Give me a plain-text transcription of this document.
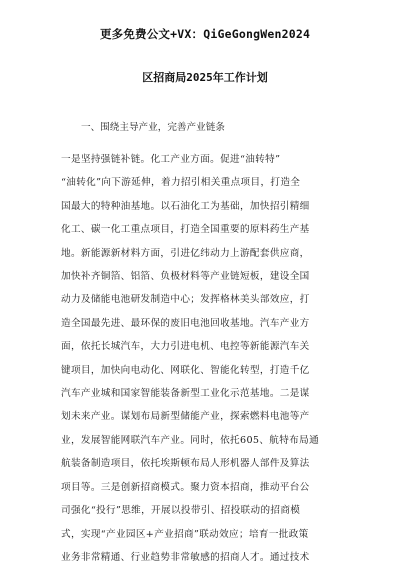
更多免费公文+VX：QiGeGongWen2024
区招商局2025年工作计划

一、围绕主导产业，完善产业链条

一是坚持强链补链。化工产业方面。促进“油转特”

“油转化”向下游延伸，着力招引相关重点项目，打造全

国最大的特种油基地。以石油化工为基础，加快招引精细

化工、碳一化工重点项目，打造全国重要的原料药生产基

地。新能源新材料方面，引进亿纬动力上游配套供应商，

加快补齐铜箔、铝箔、负极材料等产业链短板，建设全国

动力及储能电池研发制造中心；发挥格林美头部效应，打

造全国最先进、最环保的废旧电池回收基地。汽车产业方

面，依托长城汽车，大力引进电机、电控等新能源汽车关

键项目，加快向电动化、网联化、智能化转型，打造千亿

汽车产业城和国家智能装备新型工业化示范基地。二是谋

划未来产业。谋划布局新型储能产业，探索燃料电池等产

业，发展智能网联汽车产业。同时，依托605、航特布局通

航装备制造项目，依托埃斯顿布局人形机器人部件及算法

项目等。三是创新招商模式。聚力资本招商，推动平台公

司强化“投行”思维，开展以投带引、招投联动的招商模

式，实现“产业园区+产业招商”联动效应；培育一批政策

业务非常精通、行业趋势非常敏感的招商人才。通过技术
